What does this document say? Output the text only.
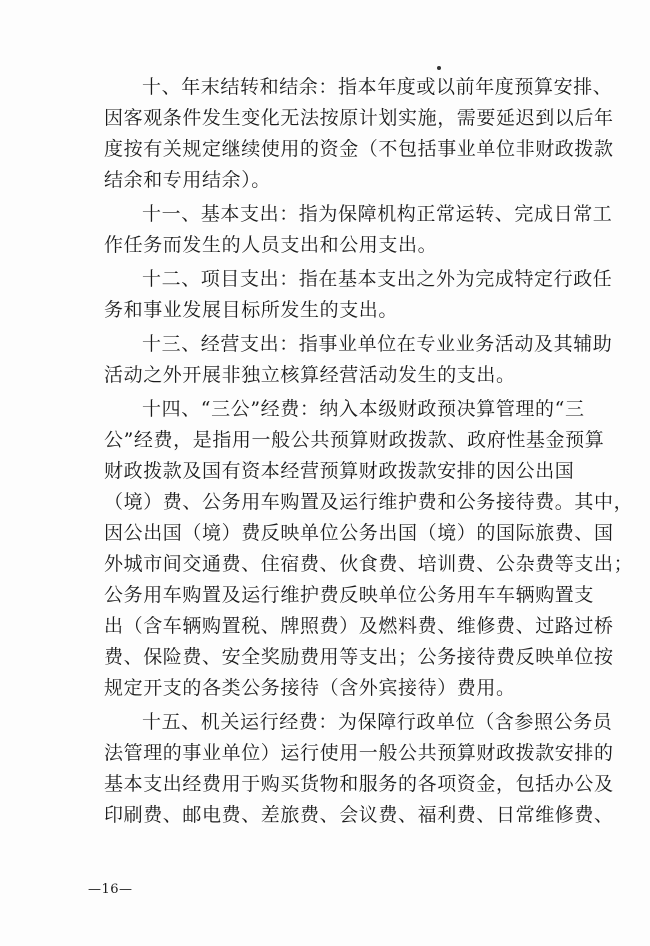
十、年末结转和结余：指本年度或以前年度预算安排、
因客观条件发生变化无法按原计划实施，需要延迟到以后年
度按有关规定继续使用的资金（不包括事业单位非财政拨款
结余和专用结余）。
十一、基本支出：指为保障机构正常运转、完成日常工
作任务而发生的人员支出和公用支出。
十二、项目支出：指在基本支出之外为完成特定行政任
务和事业发展目标所发生的支出。
十三、经营支出：指事业单位在专业业务活动及其辅助
活动之外开展非独立核算经营活动发生的支出。
十四、“三公”经费：纳入本级财政预决算管理的“三
公”经费，是指用一般公共预算财政拨款、政府性基金预算
财政拨款及国有资本经营预算财政拨款安排的因公出国
（境）费、公务用车购置及运行维护费和公务接待费。其中，
因公出国（境）费反映单位公务出国（境）的国际旅费、国
外城市间交通费、住宿费、伙食费、培训费、公杂费等支出；
公务用车购置及运行维护费反映单位公务用车车辆购置支
出（含车辆购置税、牌照费）及燃料费、维修费、过路过桥
费、保险费、安全奖励费用等支出；公务接待费反映单位按
规定开支的各类公务接待（含外宾接待）费用。
十五、机关运行经费：为保障行政单位（含参照公务员
法管理的事业单位）运行使用一般公共预算财政拨款安排的
基本支出经费用于购买货物和服务的各项资金，包括办公及
印刷费、邮电费、差旅费、会议费、福利费、日常维修费、
—16—
